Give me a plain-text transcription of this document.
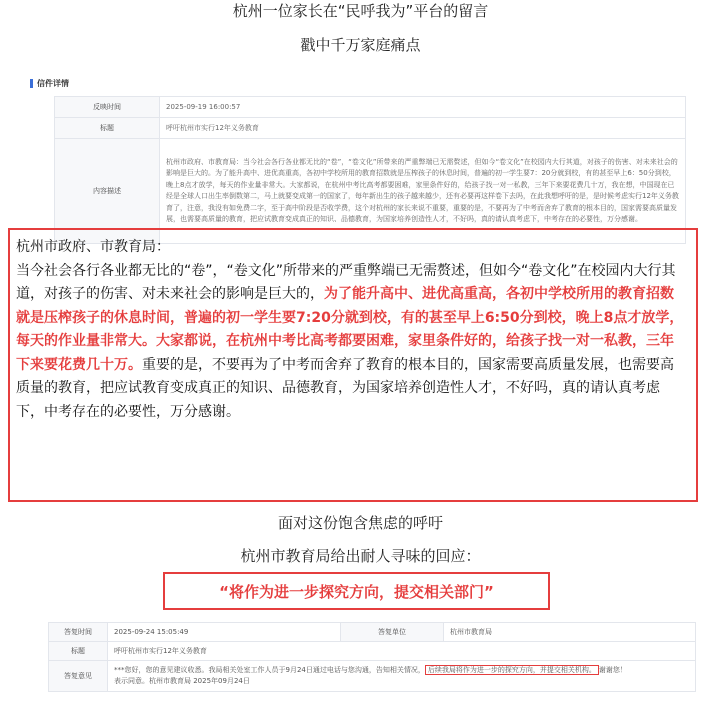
杭州一位家长在“民呼我为”平台的留言
戳中千万家庭痛点
信件详情
反映时间	2025-09-19 16:00:57
标题	呼吁杭州市实行12年义务教育
内容描述	杭州市政府、市教育局：当今社会各行各业都无比的“卷”，“卷文化”所带来的严重弊端已无需赘述，但如今“卷文化”在校园内大行其道，对孩子的伤害、对未来社会的影响是巨大的。为了能升高中、进优高重高，各初中学校所用的教育招数就是压榨孩子的休息时间，普遍的初一学生要7：20分就到校，有的甚至早上6：50分到校，晚上8点才放学，每天的作业量非常大。大家都说，在杭州中考比高考都要困难，家里条件好的，给孩子找一对一私教，三年下来要花费几十万，我在想，中国现在已经是全球人口出生率倒数第二，马上就要变成第一的国家了，每年新出生的孩子越来越少，还有必要再这样卷下去吗，在此我想呼吁的是，是时候考虑实行12年义务教育了，注意，我没有如免费二字，至于高中阶段是否收学费，这个对杭州的家长来说不重要，重要的是，不要再为了中考而舍弃了教育的根本目的，国家需要高质量发展，也需要高质量的教育，把应试教育变成真正的知识、品德教育，为国家培养创造性人才，不好吗，真的请认真考虑下，中考存在的必要性，万分感谢。
杭州市政府、市教育局：
当今社会各行各业都无比的“卷”，“卷文化”所带来的严重弊端已无需赘述，但如今“卷文化”在校园内大行其道，对孩子的伤害、对未来社会的影响是巨大的，为了能升高中、进优高重高，各初中学校所用的教育招数就是压榨孩子的休息时间，普遍的初一学生要7:20分就到校，有的甚至早上6:50分到校，晚上8点才放学，每天的作业量非常大。大家都说，在杭州中考比高考都要困难，家里条件好的，给孩子找一对一私教，三年下来要花费几十万。重要的是，不要再为了中考而舍弃了教育的根本目的，国家需要高质量发展，也需要高质量的教育，把应试教育变成真正的知识、品德教育，为国家培养创造性人才，不好吗，真的请认真考虑下，中考存在的必要性，万分感谢。
面对这份饱含焦虑的呼吁
杭州市教育局给出耐人寻味的回应：
“将作为进一步探究方向，提交相关部门”
答复时间	2025-09-24 15:05:49	答复单位	杭州市教育局
标题	呼吁杭州市实行12年义务教育		
答复意见	***您好，您的意见建议收悉。我局相关处室工作人员于9月24日通过电话与您沟通，告知相关情况， 后续我局将作为进一步的探究方向，并提交相关机构。 谢谢您！
表示同意。杭州市教育局 2025年09月24日		
